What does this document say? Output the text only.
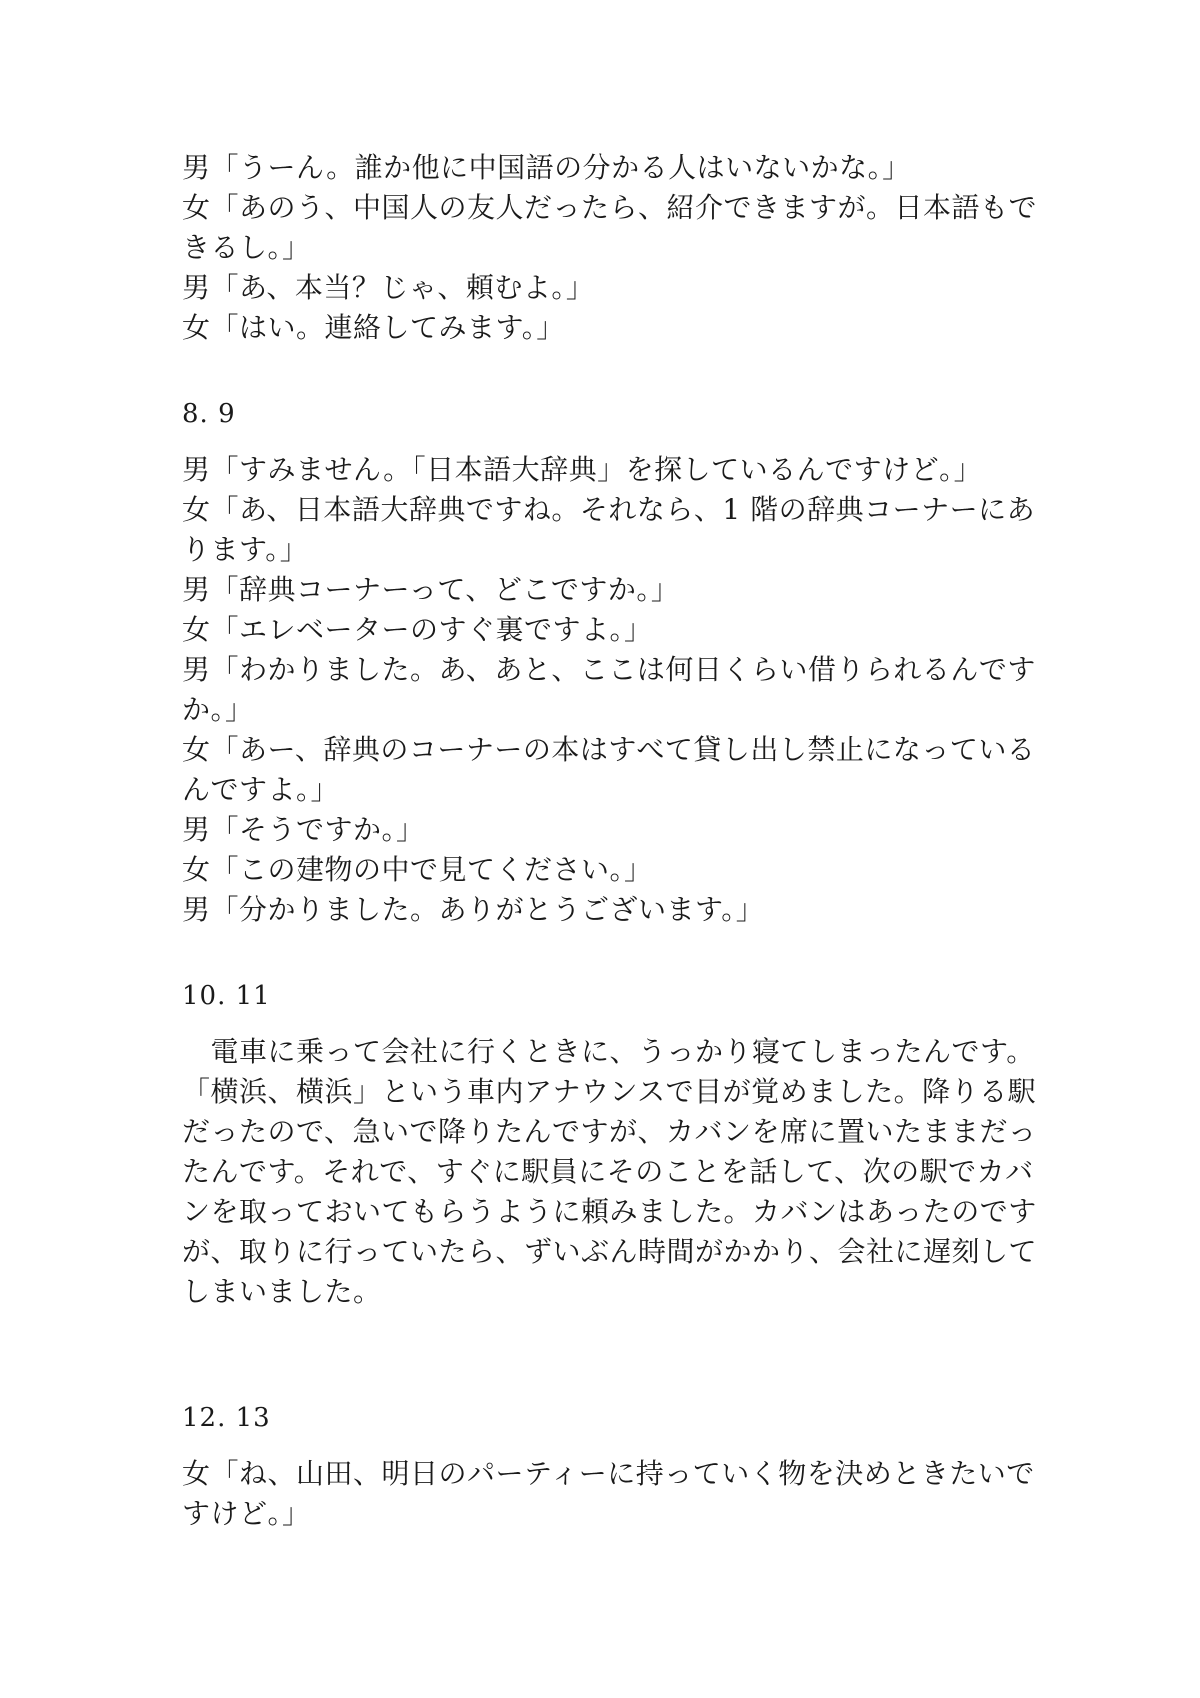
男「うーん。誰か他に中国語の分かる人はいないかな。」
女「あのう、中国人の友人だったら、紹介できますが。日本語もで
きるし。」
男「あ、本当？じゃ、頼むよ。」
女「はい。連絡してみます。」
8. 9
男「すみません。「日本語大辞典」を探しているんですけど。」
女「あ、日本語大辞典ですね。それなら、1 階の辞典コーナーにあ
ります。」
男「辞典コーナーって、どこですか。」
女「エレベーターのすぐ裏ですよ。」
男「わかりました。あ、あと、ここは何日くらい借りられるんです
か。」
女「あー、辞典のコーナーの本はすべて貸し出し禁止になっている
んですよ。」
男「そうですか。」
女「この建物の中で見てください。」
男「分かりました。ありがとうございます。」
10. 11
　電車に乗って会社に行くときに、うっかり寝てしまったんです。
「横浜、横浜」という車内アナウンスで目が覚めました。降りる駅
だったので、急いで降りたんですが、カバンを席に置いたままだっ
たんです。それで、すぐに駅員にそのことを話して、次の駅でカバ
ンを取っておいてもらうように頼みました。カバンはあったのです
が、取りに行っていたら、ずいぶん時間がかかり、会社に遅刻して
しまいました。
12. 13
女「ね、山田、明日のパーティーに持っていく物を決めときたいで
すけど。」
